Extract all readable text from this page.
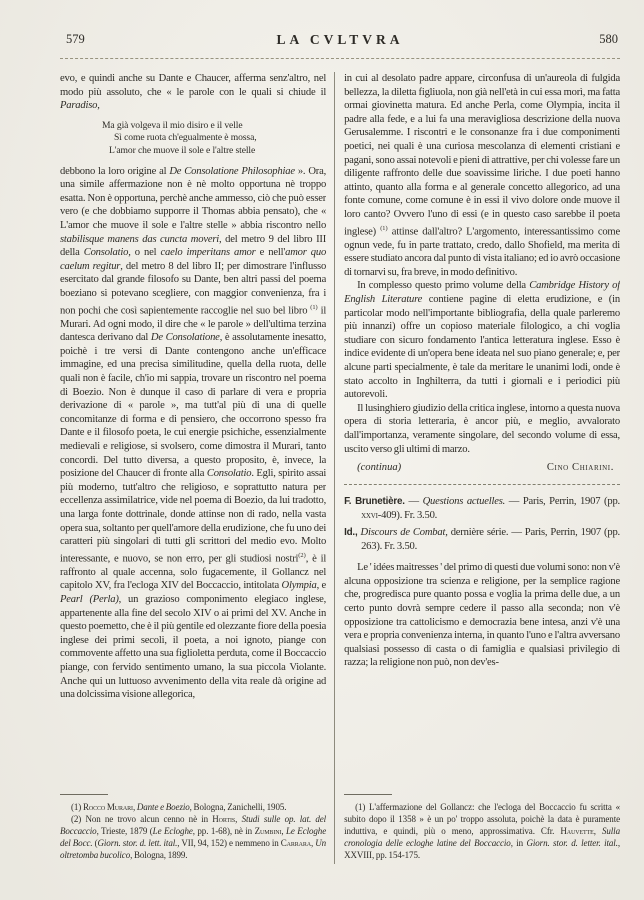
579	LA CVLTVRA	580

evo, e quindi anche su Dante e Chaucer, afferma senz'altro, nel modo più assoluto, che « le parole con le quali si chiude il Paradiso,

Ma già volgeva il mio disiro e il velle
Sì come ruota ch'egualmente è mossa,
L'amor che muove il sole e l'altre stelle

debbono la loro origine al De Consolatione Philosophiae ». Ora, una simile affermazione non è nè molto opportuna nè troppo esatta. Non è opportuna, perchè anche ammesso, ciò che può esser vero (e che dobbiamo supporre il Thomas abbia pensato), che « L'amor che muove il sole e l'altre stelle » abbia riscontro nello stabilisque manens das cuncta moveri, del metro 9 del libro III della Consolatio, o nel caelo imperitans amor e nell'amor quo caelum regitur, del metro 8 del libro II; per dimostrare l'influsso esercitato dal grande filosofo su Dante, ben altri passi del poema boeziano si potevano scegliere, con maggior convenienza, fra i non pochi che così sapientemente raccoglie nel suo bel libro $^{(1)}$ il Murari. Ad ogni modo, il dire che « le parole » dell'ultima terzina dantesca derivano dal De Consolatione, è assolutamente inesatto, poichè i tre versi di Dante contengono anche un'efficace immagine, ed una precisa similitudine, quella della ruota, delle quali non è facile, ch'io mi sappia, trovare un riscontro nel poema di Boezio. Non è dunque il caso di parlare di vera e propria derivazione di « parole », ma tutt'al più di una di quelle concomitanze di forma e di pensiero, che occorrono spesso fra Dante e il filosofo poeta, le cui energie psichiche, essenzialmente medievali e religiose, si svolsero, come dimostra il Murari, tanto concordi. Del tutto diversa, a questo proposito, è, invece, la posizione del Chaucer di fronte alla Consolatio. Egli, spirito assai più moderno, tutt'altro che religioso, e soprattutto natura per eccellenza assimilatrice, vide nel poema di Boezio, da lui tradotto, una larga fonte dottrinale, donde attinse non di rado, nella vasta opera sua, soltanto per quell'amore della erudizione, che fu uno dei caratteri più singolari di tutti gli scrittori del medio evo. Molto interessante, e nuovo, se non erro, per gli studiosi nostri$^{(2)}$, è il raffronto al quale accenna, solo fugacemente, il Gollancz nel capitolo XV, fra l'ecloga XIV del Boccaccio, intitolata Olympia, e Pearl (Perla), un grazioso componimento elegiaco inglese, appartenente alla fine del secolo XIV o ai primi del XV. Anche in questo poemetto, che è il più gentile ed olezzante fiore della poesia inglese dei primi secoli, il poeta, a noi ignoto, piange con commovente affetto una sua figlioletta perduta, come il Boccaccio piange, con fervido sentimento umano, la sua piccola Violante. Anche qui un luttuoso avvenimento della vita reale dà origine ad una dolcissima visione allegorica,

(1) Rocco Murari, Dante e Boezio, Bologna, Zanichelli, 1905.

(2) Non ne trovo alcun cenno nè in Hortis, Studi sulle op. lat. del Boccaccio, Trieste, 1879 (Le Ecloghe, pp. 1-68), nè in Zumbini, Le Ecloghe del Bocc. (Giorn. stor. d. lett. ital., VII, 94, 152) e nemmeno in Carrara, Un oltretomba bucolico, Bologna, 1899.

in cui al desolato padre appare, circonfusa di un'aureola di fulgida bellezza, la diletta figliuola, non già nell'età in cui essa morì, ma fatta ormai giovinetta matura. Ed anche Perla, come Olympia, incita il padre alla fede, e a lui fa una meravigliosa descrizione della nuova Gerusalemme. I riscontri e le consonanze fra i due componimenti poetici, nei quali è una curiosa mescolanza di elementi cristiani e pagani, sono assai notevoli e pieni di attrattive, per chi volesse fare un diligente raffronto delle due soavissime liriche. I due poeti hanno attinto, quanto alla forma e al generale concetto allegorico, ad una fonte comune, come comune è in essi il vivo dolore onde muove il loro canto? Ovvero l'uno di essi (e in questo caso sarebbe il poeta inglese) $^{(1)}$ attinse dall'altro? L'argomento, interessantissimo come ognun vede, fu in parte trattato, credo, dallo Shofield, ma merita di essere studiato ancora dal punto di vista italiano; ed io avrò occasione di tornarvi su, fra breve, in modo definitivo.

In complesso questo primo volume della Cambridge History of English Literature contiene pagine di eletta erudizione, e (in particolar modo nell'importante bibliografia, della quale parleremo più innanzi) offre un copioso materiale filologico, a chi voglia studiare con sicuro fondamento l'antica letteratura inglese. Esso è indice evidente di un'opera bene ideata nel suo piano generale; e, per alcune parti specialmente, è tale da meritare le unanimi lodi, onde è stato accolto in Inghilterra, da tutti i giornali e i periodici più autorevoli.

Il lusinghiero giudizio della critica inglese, intorno a questa nuova opera di storia letteraria, è ancor più, e meglio, avvalorato dall'importanza, veramente singolare, del secondo volume di essa, uscito verso gli ultimi di marzo.

(continua)	Cino Chiarini.

F. Brunetière. — Questions actuelles. — Paris, Perrin, 1907 (pp. xxvi-409). Fr. 3.50.

Id., Discours de Combat, dernière série. — Paris, Perrin, 1907 (pp. 263). Fr. 3.50.

Le ' idées maitresses ' del primo di questi due volumi sono: non v'è alcuna opposizione tra scienza e religione, per la semplice ragione che, progredisca pure quanto possa e voglia la prima delle due, a un certo punto dovrà sempre cedere il passo alla seconda; non v'è opposizione tra cattolicismo e democrazia bene intesa, anzi v'è una vera e propria convenienza interna, in quanto l'uno e l'altra avversano qualsiasi possesso di casta o di famiglia e qualsiasi privilegio di razza; la religione non può, non dev'es-

(1) L'affermazione del Gollancz: che l'ecloga del Boccaccio fu scritta « subito dopo il 1358 » è un po' troppo assoluta, poichè la data è puramente induttiva, e quindi, più o meno, approssimativa. Cfr. Hauvette, Sulla cronologia delle ecloghe latine del Boccaccio, in Giorn. stor. d. letter. ital., XXVIII, pp. 154-175.
